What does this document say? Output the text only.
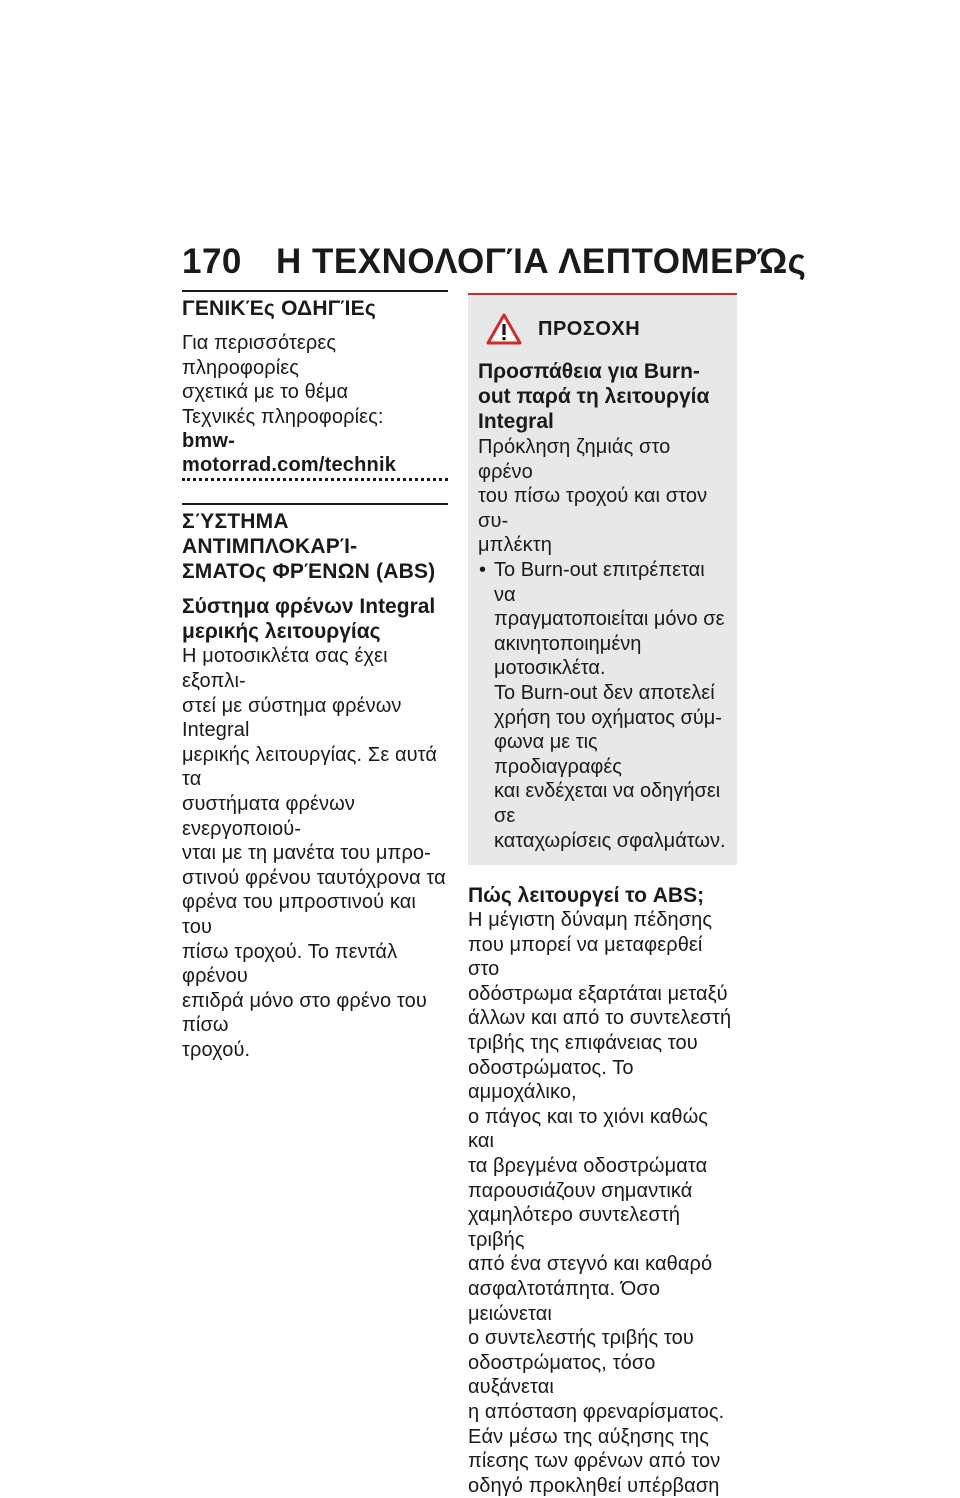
170 Η ΤΕΧΝΟΛΟΓΊΑ ΛΕΠΤΟΜΕΡΏς
ΓΕΝΙΚΈς ΟΔΗΓΊΕς

Για περισσότερες πληροφορίες

σχετικά με το θέμα

Τεχνικές πληροφορίες:

bmw-motorrad.com/technik
ΣΎΣΤΗΜΑ ΑΝΤΙΜΠΛΟΚΑΡΊ-
ΣΜΑΤΟς ΦΡΈΝΩΝ (ABS)
Σύστημα φρένων Integral
μερικής λειτουργίας

Η μοτοσικλέτα σας έχει εξοπλι-

στεί με σύστημα φρένων Integral

μερικής λειτουργίας. Σε αυτά τα

συστήματα φρένων ενεργοποιού-

νται με τη μανέτα του μπρο-

στινού φρένου ταυτόχρονα τα

φρένα του μπροστινού και του

πίσω τροχού. Το πεντάλ φρένου

επιδρά μόνο στο φρένο του πίσω

τροχού.

ΠΡΟΣΟΧΗ
Προσπάθεια για Burn-
out παρά τη λειτουργία
Integral

Πρόκληση ζημιάς στο φρένο

του πίσω τροχού και στον συ-

μπλέκτη

• Το Burn-out επιτρέπεται να
πραγματοποιείται μόνο σε
ακινητοποιημένη μοτοσικλέτα.
Το Burn-out δεν αποτελεί
χρήση του οχήματος σύμ-
φωνα με τις προδιαγραφές
και ενδέχεται να οδηγήσει σε
καταχωρίσεις σφαλμάτων.
Πώς λειτουργεί το ABS;

Η μέγιστη δύναμη πέδησης

που μπορεί να μεταφερθεί στο

οδόστρωμα εξαρτάται μεταξύ

άλλων και από το συντελεστή

τριβής της επιφάνειας του

οδοστρώματος. Το αμμοχάλικο,

ο πάγος και το χιόνι καθώς και

τα βρεγμένα οδοστρώματα

παρουσιάζουν σημαντικά

χαμηλότερο συντελεστή τριβής

από ένα στεγνό και καθαρό

ασφαλτοτάπητα. Όσο μειώνεται

ο συντελεστής τριβής του

οδοστρώματος, τόσο αυξάνεται

η απόσταση φρεναρίσματος.

Εάν μέσω της αύξησης της

πίεσης των φρένων από τον

οδηγό προκληθεί υπέρβαση
